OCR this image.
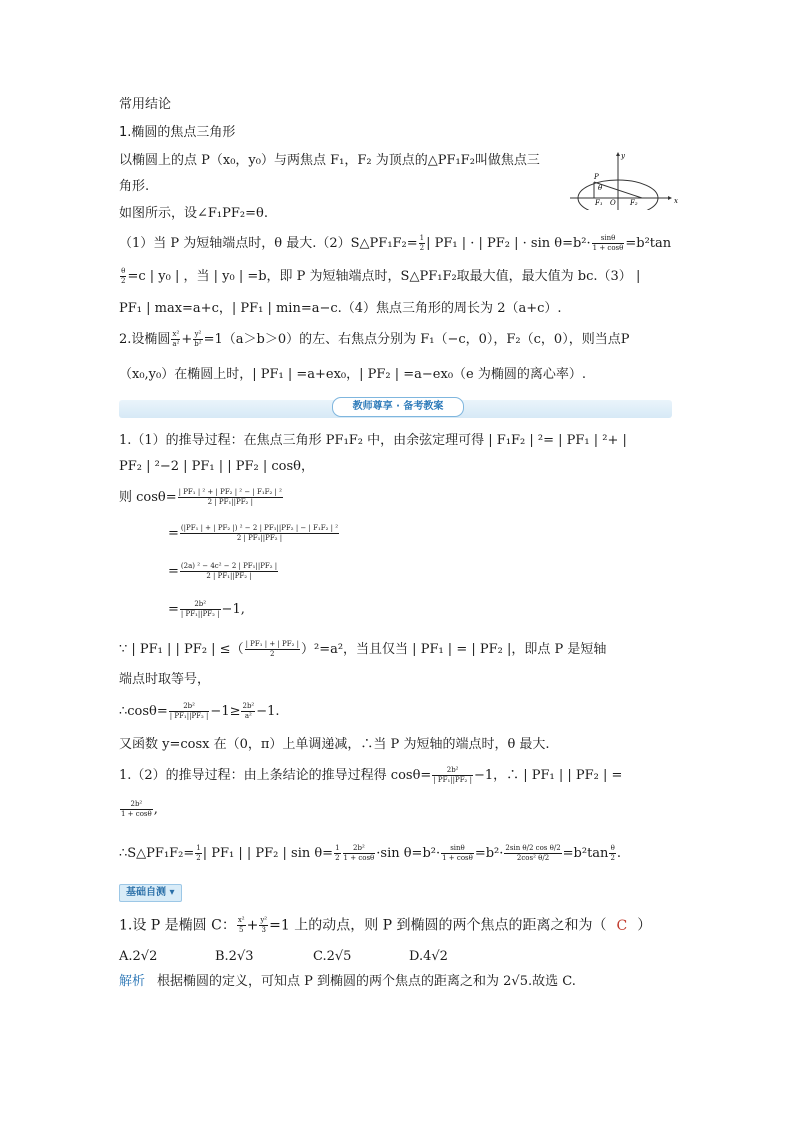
常用结论
1.椭圆的焦点三角形
以椭圆上的点 P（x₀，y₀）与两焦点 F₁，F₂ 为顶点的△PF₁F₂叫做焦点三
角形.
如图所示，设∠F₁PF₂=θ.
（1）当 P 为短轴端点时，θ 最大.（2）S△PF₁F₂= $\frac{1}{2}$ | PF₁ | · | PF₂ | · $\sin \theta=b^2\cdot \frac{\sin\theta}{1 + \cos\theta} =b^2\tan$
$\frac{\theta}{2} =c$ | y₀ | ，当 | y₀ | =b，即 P 为短轴端点时，S△PF₁F₂取最大值，最大值为 bc.（3） |
PF₁ | max=a+c，| PF₁ | min=a−c.（4）焦点三角形的周长为 2（a+c）.
2.设椭圆 $\frac{\text{x²}}{\text{a²}} + \frac{\text{y²}}{\text{b²}} =1(a>b>0)$的左、右焦点分别为 F₁（−c，0），F₂（c，0），则当点P
（x₀,y₀）在椭圆上时，| PF₁ | =a+ex₀，| PF₂ | =a−ex₀（e 为椭圆的离心率）.
教师尊享 · 备考教案
1.（1）的推导过程：在焦点三角形 PF₁F₂ 中，由余弦定理可得 | F₁F₂ | ²= | PF₁ | ²+ |
PF₂ | ²−2 | PF₁ | | PF₂ | cosθ，
则 $\cos\theta= \frac{\text{| PF₁ | ² + | PF₂ | ² − | F₁F₂ | ²}}{\text{2 | PF₁||PF₂ |}}$
= $\frac{\text{(|PF₁ | + | PF₂ |) ² − 2 | PF₁||PF₂ | − | F₁F₂ | ²}}{\text{2 | PF₁||PF₂ |}}$
= $\frac{\text{(2a) ² − 4c² − 2 | PF₁||PF₂ |}}{\text{2 | PF₁||PF₂ |}}$
= $\frac{\text{2b²}}{\text{| PF₁||PF₂ |}} -1$,
∵ | PF₁ | | PF₂ | ≤（ $\frac{\text{| PF₁ | + | PF₂ |}}{2} )^2=a^2$，当且仅当 | PF₁ | = | PF₂ |，即点 P 是短轴
端点时取等号，
∴cosθ= $\frac{\text{2b²}}{\text{| PF₁||PF₂ |}} -1\ge \frac{\text{2b²}}{\text{a²}} -1$.
又函数 y=cosx 在（0，π）上单调递减，∴当 P 为短轴的端点时，θ 最大.
1.（2）的推导过程：由上条结论的推导过程得 $\cos\theta= \frac{\text{2b²}}{\text{| PF₁||PF₂ |}} -1$，∴ | PF₁ | | PF₂ | =
$\frac{\text{2b²}}{1 + \cos\theta}$ ,
∴S△PF₁F₂= $\frac{1}{2}$ | PF₁ | | PF₂ | $\sin \theta= \frac{1}{2} \frac{\text{2b²}}{1 + \cos\theta} \cdot\sin$ $\theta=b^2\cdot \frac{\sin\theta}{1 + \cos\theta} =b^2\cdot \frac{\text{2sin θ/2 cos θ/2}}{\text{2cos² θ/2}} =b^2\tan \frac{\theta}{2}$ .
基础自测 ▾
1.设 P 是椭圆 C： $\frac{\text{x²}}{5} + \frac{\text{y²}}{3} =1$ 上的动点，则 P 到椭圆的两个焦点的距离之和为（ C ）
A.2√2	B.2√3	C.2√5	D.4√2
解析 根据椭圆的定义，可知点 P 到椭圆的两个焦点的距离之和为 2√5.故选 C.
x
y
P
θ
F₁ O F₂
